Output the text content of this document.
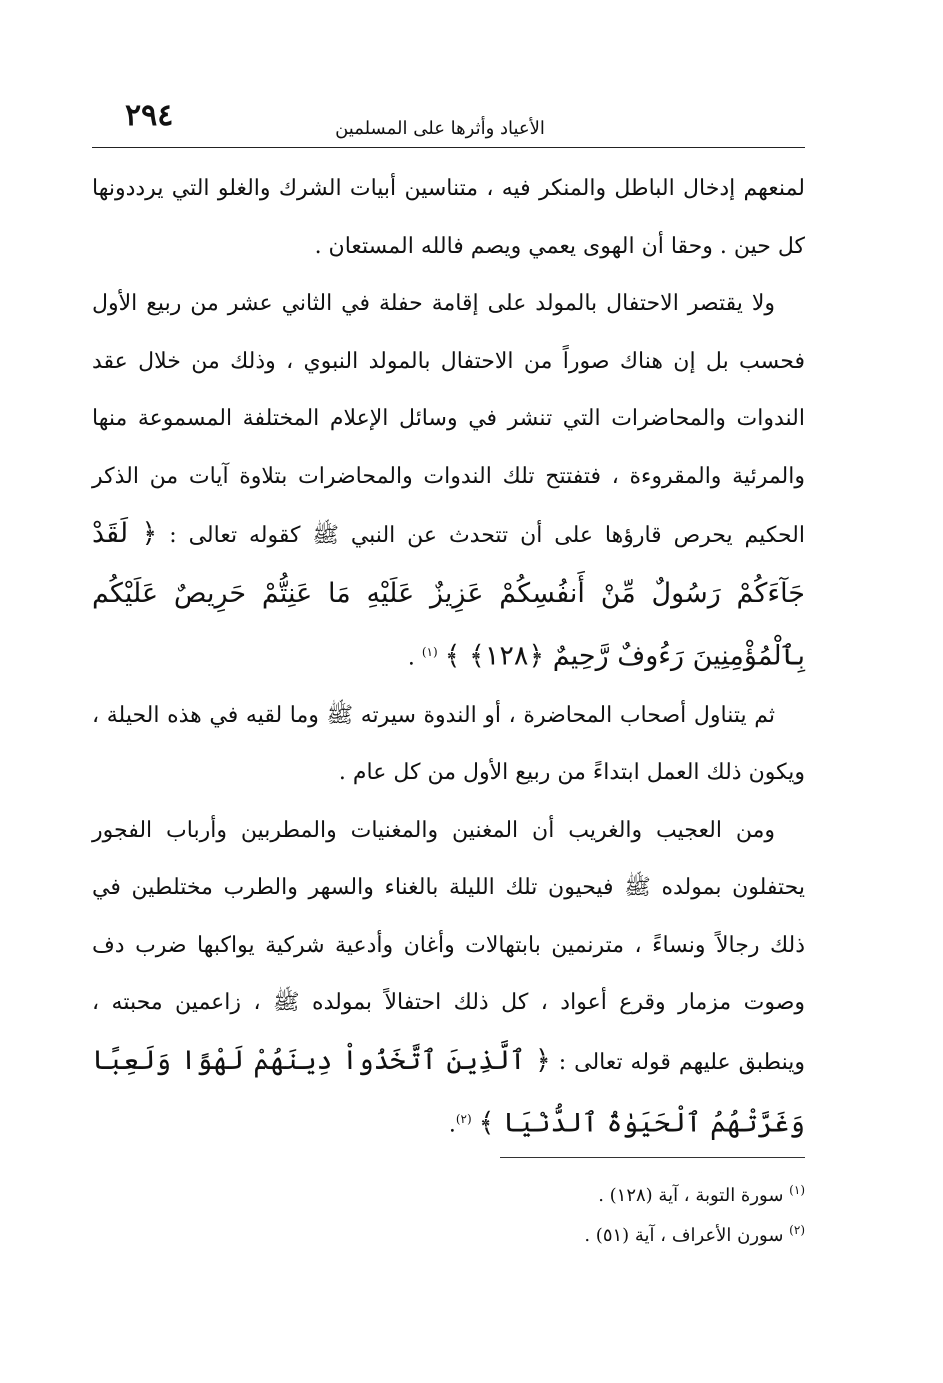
٢٩٤	الأعياد وأثرها على المسلمين

لمنعهم إدخال الباطل والمنكر فيه ، متناسين أبيات الشرك والغلو التي يرددونها كل حين . وحقا أن الهوى يعمي ويصم فالله المستعان .

ولا يقتصر الاحتفال بالمولد على إقامة حفلة في الثاني عشر من ربيع الأول فحسب بل إن هناك صوراً من الاحتفال بالمولد النبوي ، وذلك من خلال عقد الندوات والمحاضرات التي تنشر في وسائل الإعلام المختلفة المسموعة منها والمرئية والمقروءة ، فتفتتح تلك الندوات والمحاضرات بتلاوة آيات من الذكر الحكيم يحرص قارؤها على أن تتحدث عن النبي ﷺ كقوله تعالى : ﴿ لَقَدْ جَآءَكُمْ رَسُولٌ مِّنْ أَنفُسِكُمْ عَزِيزٌ عَلَيْهِ مَا عَنِتُّمْ حَرِيصٌ عَلَيْكُم بِٱلْمُؤْمِنِينَ رَءُوفٌ رَّحِيمٌ ﴿١٢٨﴾ ﴾ $^{(١)}$ .

ثم يتناول أصحاب المحاضرة ، أو الندوة سيرته ﷺ وما لقيه في هذه الحيلة ، ويكون ذلك العمل ابتداءً من ربيع الأول من كل عام .

ومن العجيب والغريب أن المغنين والمغنيات والمطربين وأرباب الفجور يحتفلون بمولده ﷺ فيحيون تلك الليلة بالغناء والسهر والطرب مختلطين في ذلك رجالاً ونساءً ، مترنمين بابتهالات وأغان وأدعية شركية يواكبها ضرب دف وصوت مزمار وقرع أعواد ، كل ذلك احتفالاً بمولده ﷺ ، زاعمين محبته ، وينطبق عليهم قوله تعالى : ﴿ ٱلَّذِينَ ٱتَّخَذُواْ دِينَهُمْ لَهْوًا وَلَعِبًا وَغَرَّتْهُمُ ٱلْحَيَوٰةُ ٱلدُّنْيَا ﴾ $^{(٢)}$.

$^{(١)}$ سورة التوبة ، آية (١٢٨) .

$^{(٢)}$ سورن الأعراف ، آية (٥١) .
